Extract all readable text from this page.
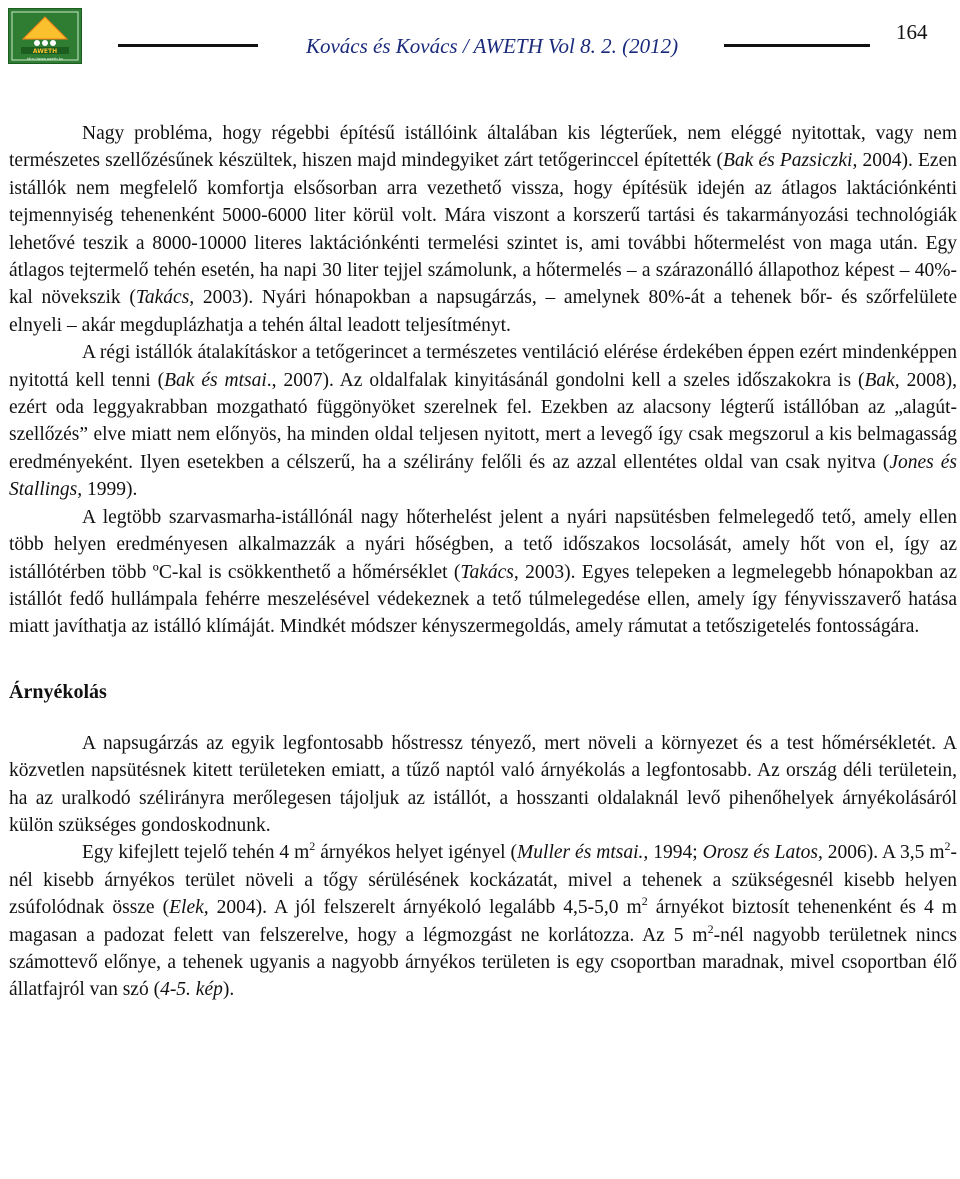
AWETH
http://www.aweth.hu
Kovács és Kovács / AWETH Vol 8. 2. (2012)
164

Nagy probléma, hogy régebbi építésű istállóink általában kis légterűek, nem eléggé nyitottak, vagy nem természetes szellőzésűnek készültek, hiszen majd mindegyiket zárt tetőgerinccel építették (Bak és Pazsiczki, 2004). Ezen istállók nem megfelelő komfortja elsősorban arra vezethető vissza, hogy építésük idején az átlagos laktációnkénti tejmennyiség tehenenként 5000-6000 liter körül volt. Mára viszont a korszerű tartási és takarmányozási technológiák lehetővé teszik a 8000-10000 literes laktációnkénti termelési szintet is, ami további hőtermelést von maga után. Egy átlagos tejtermelő tehén esetén, ha napi 30 liter tejjel számolunk, a hőtermelés – a szárazonálló állapothoz képest – 40%-kal növekszik (Takács, 2003). Nyári hónapokban a napsugárzás, – amelynek 80%-át a tehenek bőr- és szőrfelülete elnyeli – akár megduplázhatja a tehén által leadott teljesítményt.

A régi istállók átalakításkor a tetőgerincet a természetes ventiláció elérése érdekében éppen ezért mindenképpen nyitottá kell tenni (Bak és mtsai., 2007). Az oldalfalak kinyitásánál gondolni kell a szeles időszakokra is (Bak, 2008), ezért oda leggyakrabban mozgatható függönyöket szerelnek fel. Ezekben az alacsony légterű istállóban az „alagút-szellőzés” elve miatt nem előnyös, ha minden oldal teljesen nyitott, mert a levegő így csak megszorul a kis belmagasság eredményeként. Ilyen esetekben a célszerű, ha a szélirány felőli és az azzal ellentétes oldal van csak nyitva (Jones és Stallings, 1999).

A legtöbb szarvasmarha-istállónál nagy hőterhelést jelent a nyári napsütésben felmelegedő tető, amely ellen több helyen eredményesen alkalmazzák a nyári hőségben, a tető időszakos locsolását, amely hőt von el, így az istállótérben több ºC-kal is csökkenthető a hőmérséklet (Takács, 2003). Egyes telepeken a legmelegebb hónapokban az istállót fedő hullámpala fehérre meszelésével védekeznek a tető túlmelegedése ellen, amely így fényvisszaverő hatása miatt javíthatja az istálló klímáját. Mindkét módszer kényszermegoldás, amely rámutat a tetőszigetelés fontosságára.

Árnyékolás

A napsugárzás az egyik legfontosabb hőstressz tényező, mert növeli a környezet és a test hőmérsékletét. A közvetlen napsütésnek kitett területeken emiatt, a tűző naptól való árnyékolás a legfontosabb. Az ország déli területein, ha az uralkodó szélirányra merőlegesen tájoljuk az istállót, a hosszanti oldalaknál levő pihenőhelyek árnyékolásáról külön szükséges gondoskodnunk.

Egy kifejlett tejelő tehén 4 $m^2$ árnyékos helyet igényel (Muller és mtsai., 1994; Orosz és Latos, 2006). A 3,5 $m^2$-nél kisebb árnyékos terület növeli a tőgy sérülésének kockázatát, mivel a tehenek a szükségesnél kisebb helyen zsúfolódnak össze (Elek, 2004). A jól felszerelt árnyékoló legalább 4,5-5,0 $m^2$ árnyékot biztosít tehenenként és 4 m magasan a padozat felett van felszerelve, hogy a légmozgást ne korlátozza. Az 5 $m^2$-nél nagyobb területnek nincs számottevő előnye, a tehenek ugyanis a nagyobb árnyékos területen is egy csoportban maradnak, mivel csoportban élő állatfajról van szó (4-5. kép).
